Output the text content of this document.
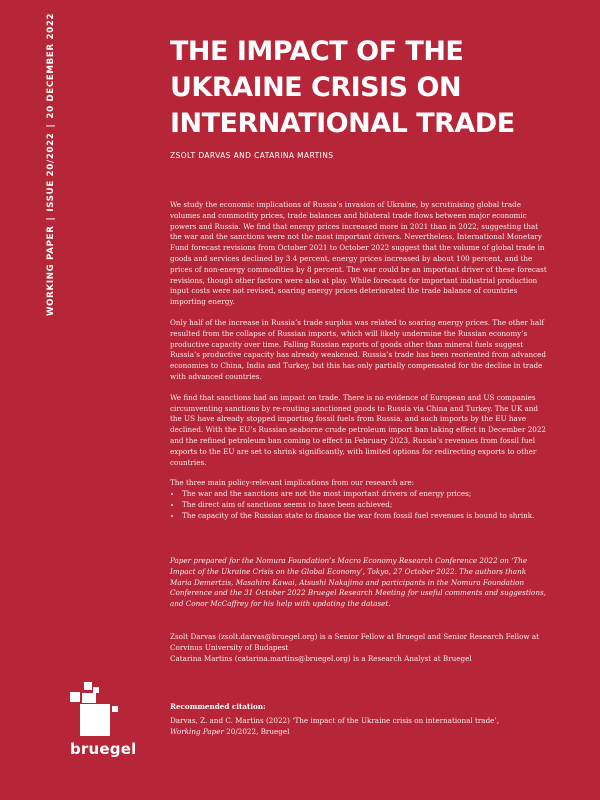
WORKING PAPER|ISSUE 20/2022|20 DECEMBER 2022	THE IMPACT OF THE UKRAINE CRISIS ON INTERNATIONAL TRADE
ZSOLT DARVAS AND CATARINA MARTINS

We study the economic implications of Russia’s invasion of Ukraine, by scrutinising global trade volumes and commodity prices, trade balances and bilateral trade flows between major economic powers and Russia. We find that energy prices increased more in 2021 than in 2022, suggesting that the war and the sanctions were not the most important drivers. Nevertheless, International Monetary Fund forecast revisions from October 2021 to October 2022 suggest that the volume of global trade in goods and services declined by 3.4 percent, energy prices increased by about 100 percent, and the prices of non-energy commodities by 8 percent. The war could be an important driver of these forecast revisions, though other factors were also at play. While forecasts for important industrial production input costs were not revised, soaring energy prices deteriorated the trade balance of countries importing energy.

Only half of the increase in Russia’s trade surplus was related to soaring energy prices. The other half resulted from the collapse of Russian imports, which will likely undermine the Russian economy’s productive capacity over time. Falling Russian exports of goods other than mineral fuels suggest Russia’s productive capacity has already weakened. Russia’s trade has been reoriented from advanced economies to China, India and Turkey, but this has only partially compensated for the decline in trade with advanced countries.

We find that sanctions had an impact on trade. There is no evidence of European and US companies circumventing sanctions by re-routing sanctioned goods to Russia via China and Turkey. The UK and the US have already stopped importing fossil fuels from Russia, and such imports by the EU have declined. With the EU’s Russian seaborne crude petroleum import ban taking effect in December 2022 and the refined petroleum ban coming to effect in February 2023, Russia’s revenues from fossil fuel exports to the EU are set to shrink significantly, with limited options for redirecting exports to other countries.

The three main policy-relevant implications from our research are:

• The war and the sanctions are not the most important drivers of energy prices;
• The direct aim of sanctions seems to have been achieved;
• The capacity of the Russian state to finance the war from fossil fuel revenues is bound to shrink.
Paper prepared for the Nomura Foundation’s Macro Economy Research Conference 2022 on ‘The Impact of the Ukraine Crisis on the Global Economy’, Tokyo, 27 October 2022. The authors thank Maria Demertzis, Masahiro Kawai, Atsushi Nakajima and participants in the Nomura Foundation Conference and the 31 October 2022 Bruegel Research Meeting for useful comments and suggestions, and Conor McCaffrey for his help with updating the dataset.
Zsolt Darvas (zsolt.darvas@bruegel.org) is a Senior Fellow at Bruegel and Senior Research Fellow at Corvinus University of Budapest
Catarina Martins (catarina.martins@bruegel.org) is a Research Analyst at Bruegel
Recommended citation:
Darvas, Z. and C. Martins (2022) ‘The impact of the Ukraine crisis on international trade’,
Working Paper 20/2022, Bruegel
bruegel
